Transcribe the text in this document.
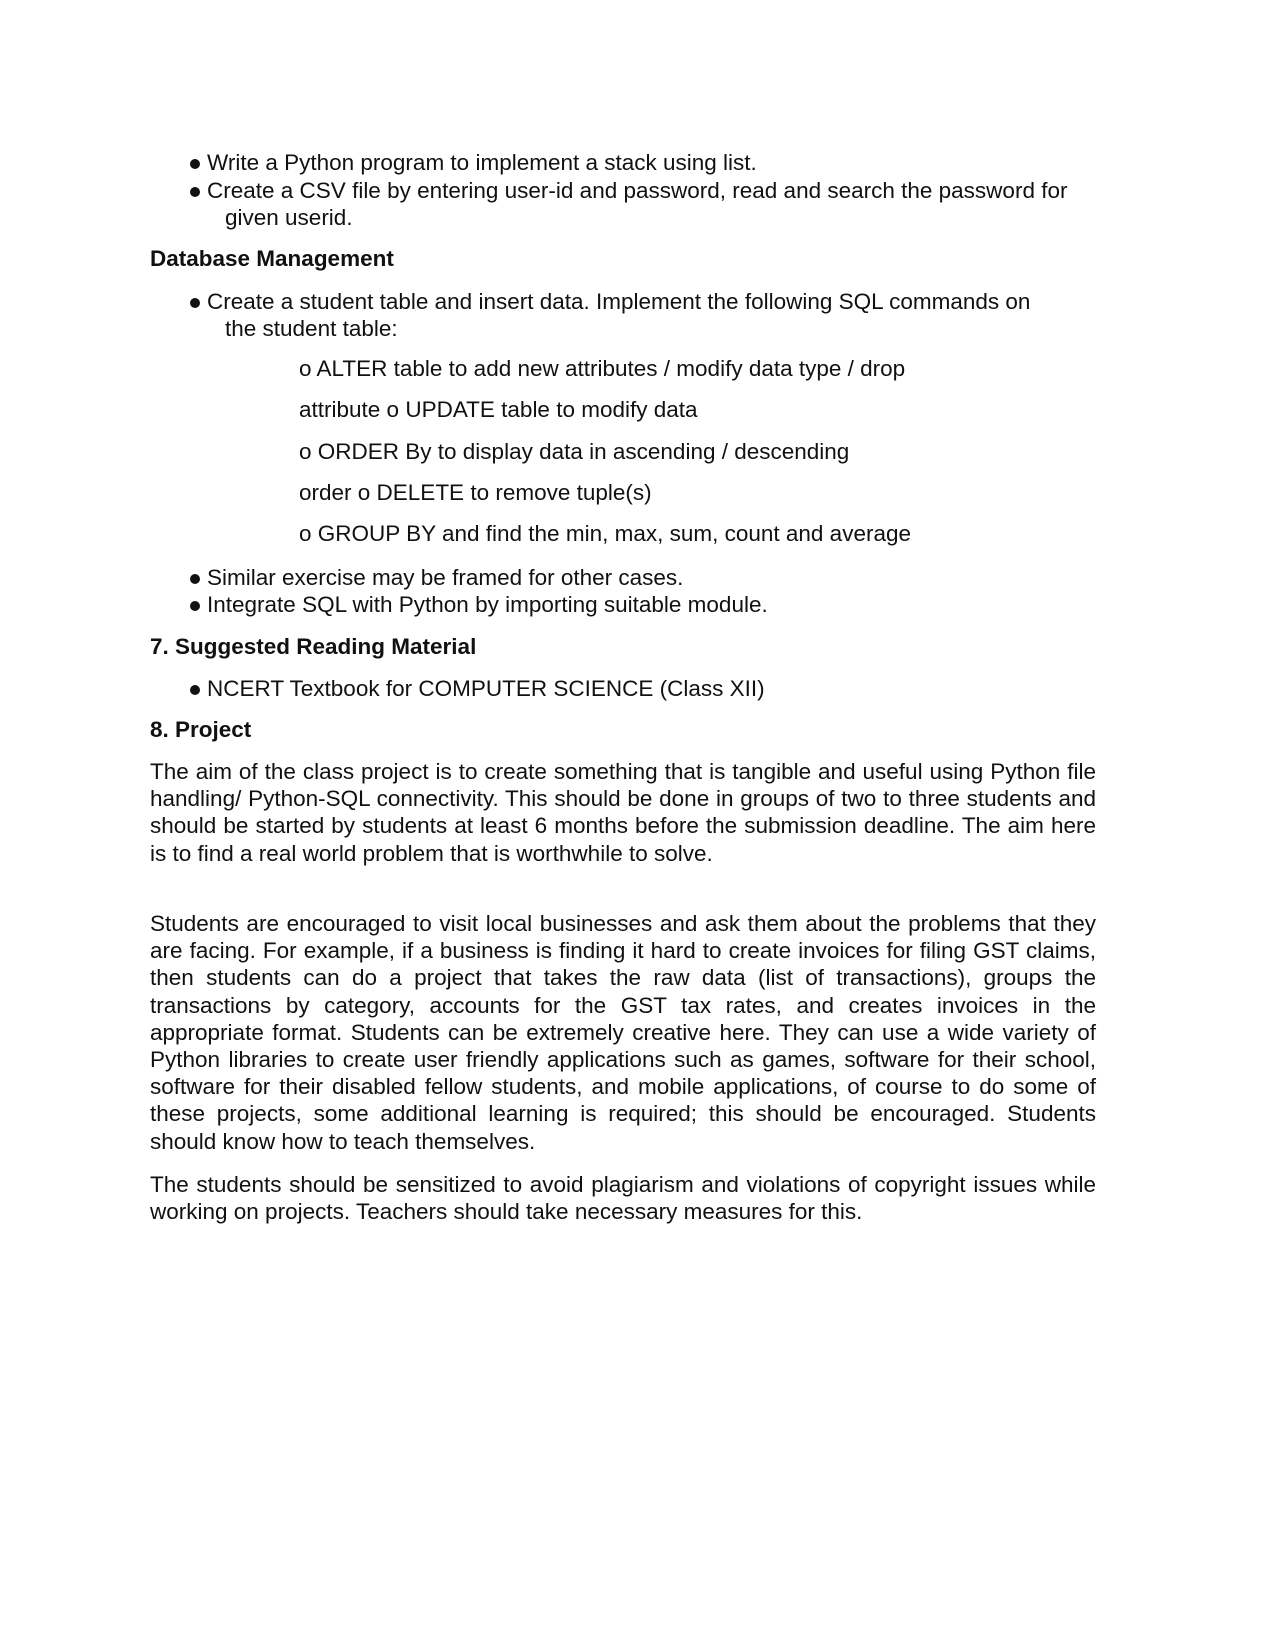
Write a Python program to implement a stack using list.
Create a CSV file by entering user-id and password, read and search the password for
given userid.
Database Management
Create a student table and insert data. Implement the following SQL commands on
the student table:
o ALTER table to add new attributes / modify data type / drop
attribute o UPDATE table to modify data
o ORDER By to display data in ascending / descending
order o DELETE to remove tuple(s)
o GROUP BY and find the min, max, sum, count and average
Similar exercise may be framed for other cases.
Integrate SQL with Python by importing suitable module.
7. Suggested Reading Material
NCERT Textbook for COMPUTER SCIENCE (Class XII)
8. Project

The aim of the class project is to create something that is tangible and useful using Python file handling/ Python-SQL connectivity. This should be done in groups of two to three students and should be started by students at least 6 months before the submission deadline. The aim here is to find a real world problem that is worthwhile to solve.

Students are encouraged to visit local businesses and ask them about the problems that they are facing. For example, if a business is finding it hard to create invoices for filing GST claims, then students can do a project that takes the raw data (list of transactions), groups the transactions by category, accounts for the GST tax rates, and creates invoices in the appropriate format. Students can be extremely creative here. They can use a wide variety of Python libraries to create user friendly applications such as games, software for their school, software for their disabled fellow students, and mobile applications, of course to do some of these projects, some additional learning is required; this should be encouraged. Students should know how to teach themselves.

The students should be sensitized to avoid plagiarism and violations of copyright issues while working on projects. Teachers should take necessary measures for this.
